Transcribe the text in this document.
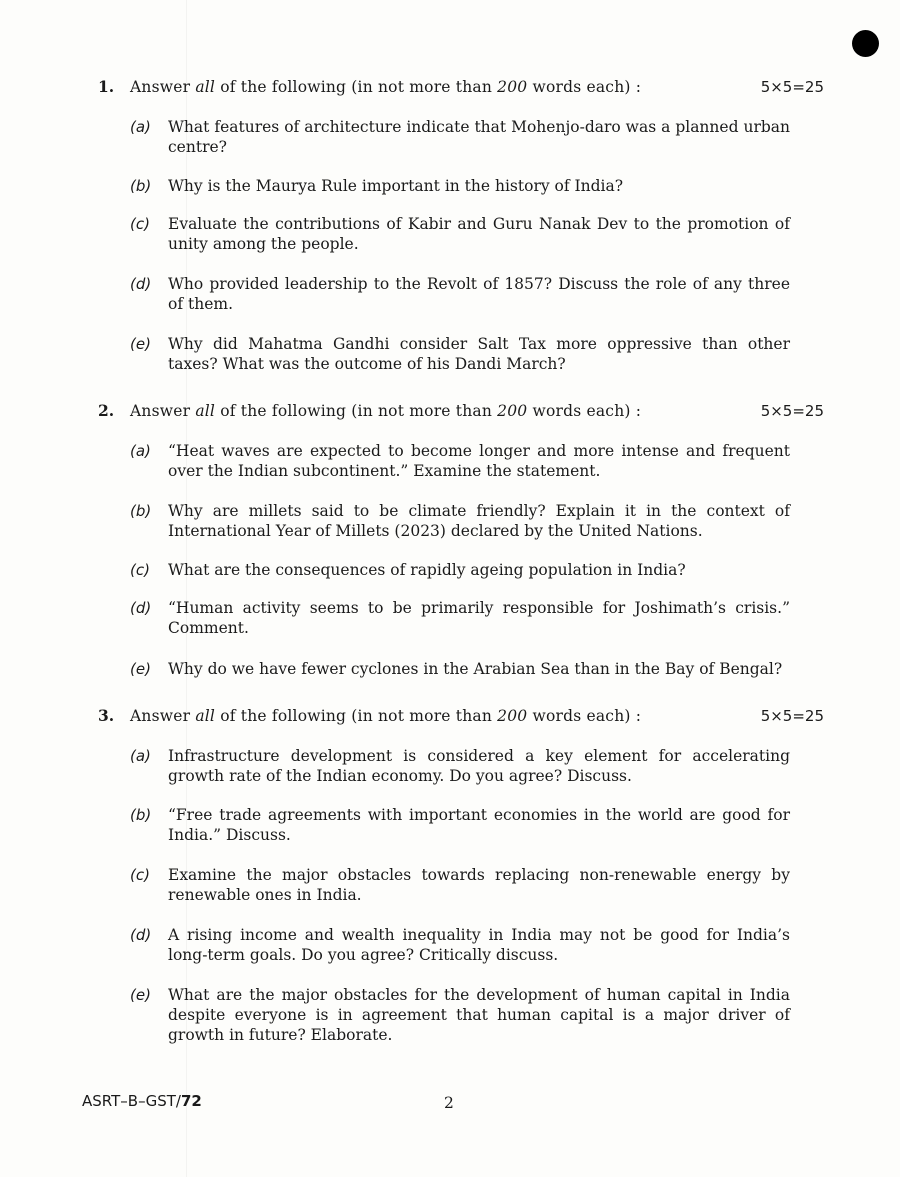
1. Answer all of the following (in not more than 200 words each) :	5×5=25
(a) What features of architecture indicate that Mohenjo-daro was a planned urban centre?
(b) Why is the Maurya Rule important in the history of India?
(c) Evaluate the contributions of Kabir and Guru Nanak Dev to the promotion of unity among the people.
(d) Who provided leadership to the Revolt of 1857? Discuss the role of any three of them.
(e) Why did Mahatma Gandhi consider Salt Tax more oppressive than other taxes? What was the outcome of his Dandi March?
2. Answer all of the following (in not more than 200 words each) :	5×5=25
(a) “Heat waves are expected to become longer and more intense and frequent over the Indian subcontinent.” Examine the statement.
(b) Why are millets said to be climate friendly? Explain it in the context of International Year of Millets (2023) declared by the United Nations.
(c) What are the consequences of rapidly ageing population in India?
(d) “Human activity seems to be primarily responsible for Joshimath’s crisis.” Comment.
(e) Why do we have fewer cyclones in the Arabian Sea than in the Bay of Bengal?
3. Answer all of the following (in not more than 200 words each) :	5×5=25
(a) Infrastructure development is considered a key element for accelerating growth rate of the Indian economy. Do you agree? Discuss.
(b) “Free trade agreements with important economies in the world are good for India.” Discuss.
(c) Examine the major obstacles towards replacing non-renewable energy by renewable ones in India.
(d) A rising income and wealth inequality in India may not be good for India’s long-term goals. Do you agree? Critically discuss.
(e) What are the major obstacles for the development of human capital in India despite everyone is in agreement that human capital is a major driver of growth in future? Elaborate.
ASRT–B–GST/72	2
